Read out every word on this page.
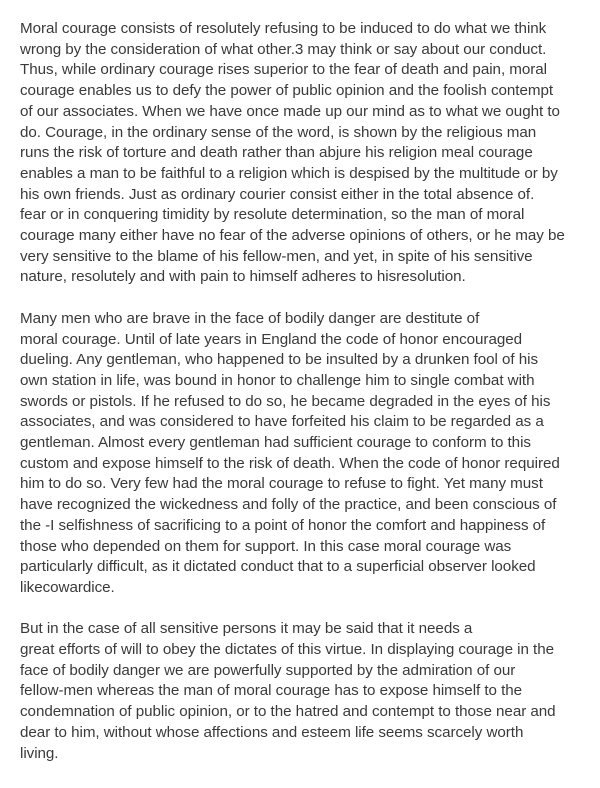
Moral courage consists of resolutely refusing to be induced to do what we think
wrong by the consideration of what other.3 may think or say about our conduct.
Thus, while ordinary courage rises superior to the fear of death and pain, moral
courage enables us to defy the power of public opinion and the foolish contempt
of our associates. When we have once made up our mind as to what we ought to
do. Courage, in the ordinary sense of the word, is shown by the religious man
runs the risk of torture and death rather than abjure his religion meal courage
enables a man to be faithful to a religion which is despised by the multitude or by
his own friends. Just as ordinary courier consist either in the total absence of.
fear or in conquering timidity by resolute determination, so the man of moral
courage many either have no fear of the adverse opinions of others, or he may be
very sensitive to the blame of his fellow-men, and yet, in spite of his sensitive
nature, resolutely and with pain to himself adheres to hisresolution.

Many men who are brave in the face of bodily danger are destitute of
moral courage. Until of late years in England the code of honor encouraged
dueling. Any gentleman, who happened to be insulted by a drunken fool of his
own station in life, was bound in honor to challenge him to single combat with
swords or pistols. If he refused to do so, he became degraded in the eyes of his
associates, and was considered to have forfeited his claim to be regarded as a
gentleman. Almost every gentleman had sufficient courage to conform to this
custom and expose himself to the risk of death. When the code of honor required
him to do so. Very few had the moral courage to refuse to fight. Yet many must
have recognized the wickedness and folly of the practice, and been conscious of
the -I selfishness of sacrificing to a point of honor the comfort and happiness of
those who depended on them for support. In this case moral courage was
particularly difficult, as it dictated conduct that to a superficial observer looked
likecowardice.

But in the case of all sensitive persons it may be said that it needs a
great efforts of will to obey the dictates of this virtue. In displaying courage in the
face of bodily danger we are powerfully supported by the admiration of our
fellow-men whereas the man of moral courage has to expose himself to the
condemnation of public opinion, or to the hatred and contempt to those near and
dear to him, without whose affections and esteem life seems scarcely worth
living.
